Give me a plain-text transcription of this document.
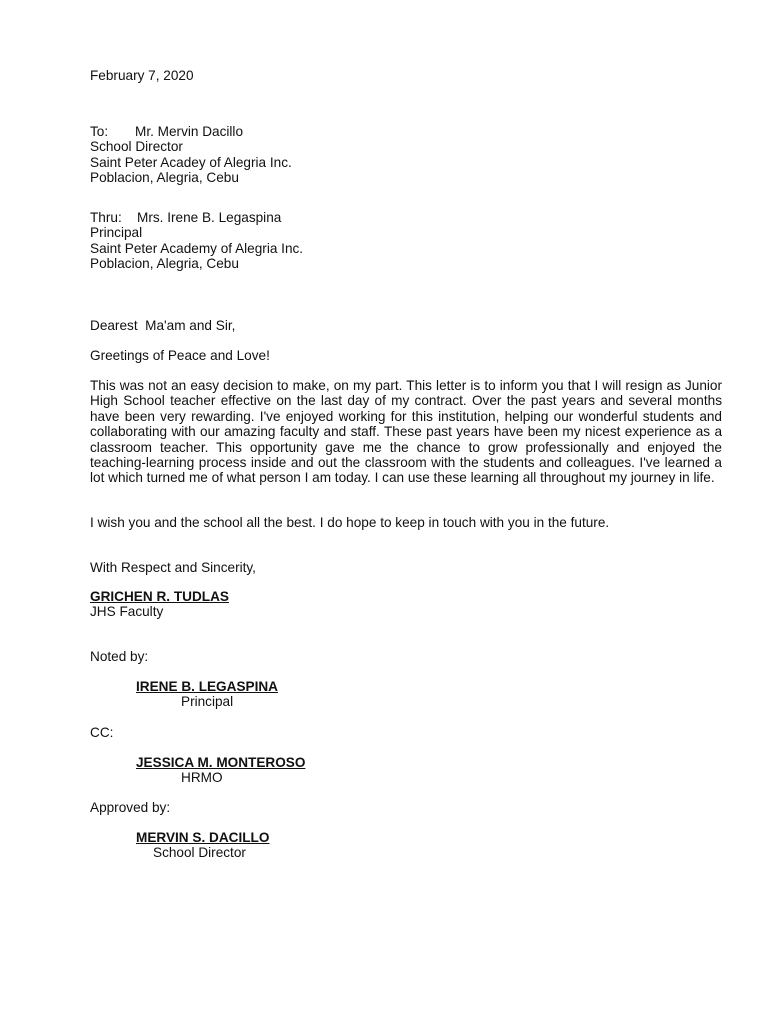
February 7, 2020
To: Mr. Mervin Dacillo
School Director
Saint Peter Acadey of Alegria Inc.
Poblacion, Alegria, Cebu
Thru: Mrs. Irene B. Legaspina
Principal
Saint Peter Academy of Alegria Inc.
Poblacion, Alegria, Cebu
Dearest  Ma'am and Sir,
Greetings of Peace and Love!
This was not an easy decision to make, on my part. This letter is to inform you that I will resign as Junior High School teacher effective on the last day of my contract. Over the past years and several months have been very rewarding. I've enjoyed working for this institution, helping our wonderful students and collaborating with our amazing faculty and staff. These past years have been my nicest experience as a classroom teacher. This opportunity gave me the chance to grow professionally and enjoyed the teaching-learning process inside and out the classroom with the students and colleagues. I've learned a lot which turned me of what person I am today. I can use these learning all throughout my journey in life.
I wish you and the school all the best. I do hope to keep in touch with you in the future.
With Respect and Sincerity,
GRICHEN R. TUDLAS
JHS Faculty
Noted by:
IRENE B. LEGASPINA
Principal
CC:
JESSICA M. MONTEROSO
HRMO
Approved by:
MERVIN S. DACILLO
School Director
